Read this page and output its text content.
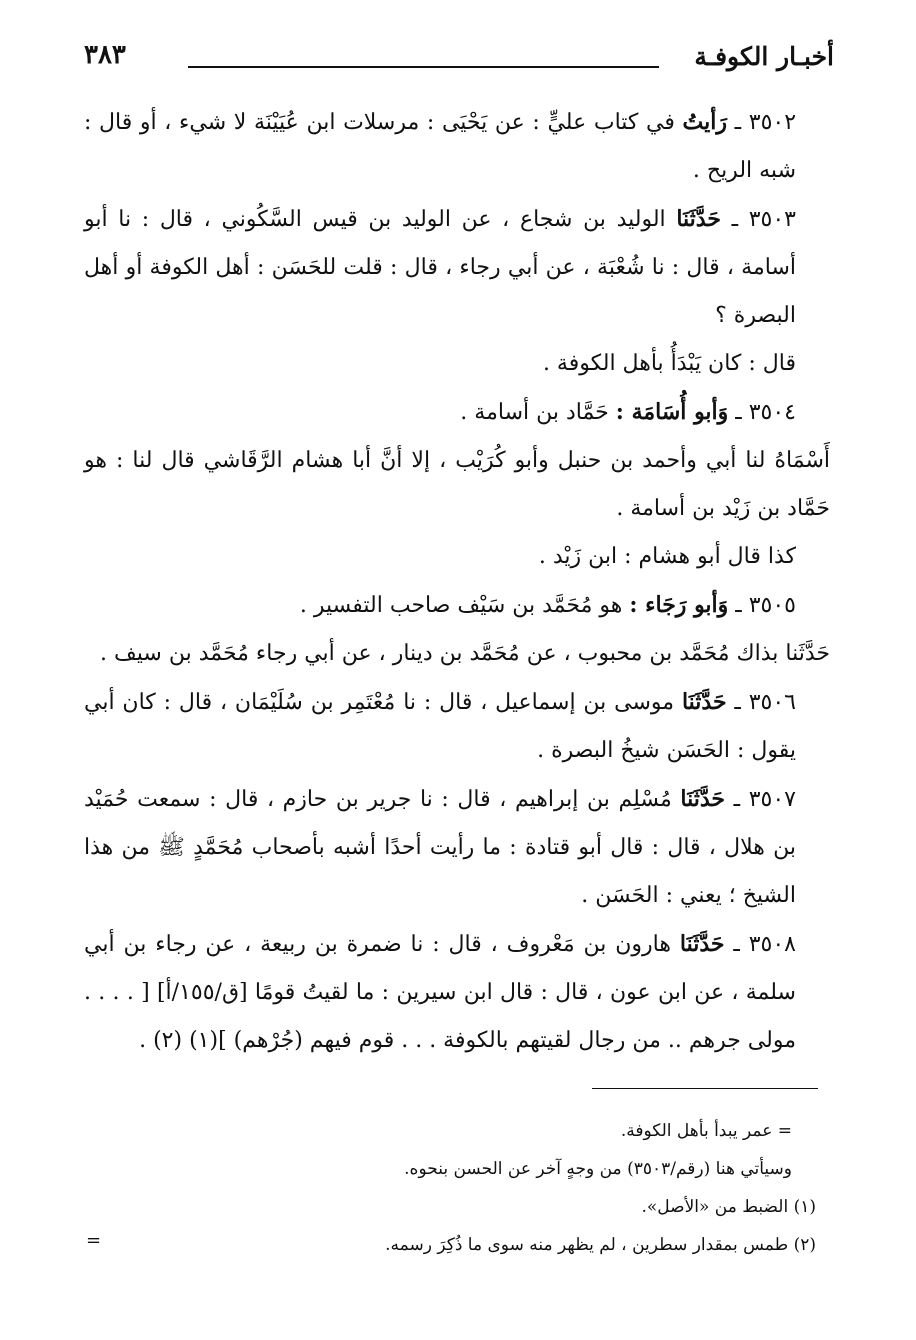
٣٨٣	أخبـار الكوفـة

٣٥٠٢ ـ رَأيتُ في كتاب عليٍّ : عن يَحْيَى : مرسلات ابن عُيَيْنَة لا شيء ، أو قال : شبه الريح .

٣٥٠٣ ـ حَدَّثَنَا الوليد بن شجاع ، عن الوليد بن قيس السَّكُوني ، قال : نا أبو أسامة ، قال : نا شُعْبَة ، عن أبي رجاء ، قال : قلت للحَسَن : أهل الكوفة أو أهل البصرة ؟

قال : كان يَبْدَأُ بأهل الكوفة .

٣٥٠٤ ـ وَأبو أُسَامَة : حَمَّاد بن أسامة .

أَسْمَاهُ لنا أبي وأحمد بن حنبل وأبو كُرَيْب ، إلا أنَّ أبا هشام الرَّقَاشي قال لنا : هو حَمَّاد بن زَيْد بن أسامة .

كذا قال أبو هشام : ابن زَيْد .

٣٥٠٥ ـ وَأبو رَجَاء : هو مُحَمَّد بن سَيْف صاحب التفسير .

حَدَّثَنا بذاك مُحَمَّد بن محبوب ، عن مُحَمَّد بن دينار ، عن أبي رجاء مُحَمَّد بن سيف .

٣٥٠٦ ـ حَدَّثَنَا موسى بن إسماعيل ، قال : نا مُعْتَمِر بن سُلَيْمَان ، قال : كان أبي يقول : الحَسَن شيخُ البصرة .

٣٥٠٧ ـ حَدَّثَنَا مُسْلِم بن إبراهيم ، قال : نا جرير بن حازم ، قال : سمعت حُمَيْد بن هلال ، قال : قال أبو قتادة : ما رأيت أحدًا أشبه بأصحاب مُحَمَّدٍ ﷺ من هذا الشيخ ؛ يعني : الحَسَن .

٣٥٠٨ ـ حَدَّثَنَا هارون بن مَعْروف ، قال : نا ضمرة بن ربيعة ، عن رجاء بن أبي سلمة ، عن ابن عون ، قال : قال ابن سيرين : ما لقيتُ قومًا [ق/١٥٥/أ] [ . . . . مولى جرهم .. من رجال لقيتهم بالكوفة . . . قوم فيهم (جُرْهم) ](١) (٢) .

= عمر يبدأ بأهل الكوفة.
وسيأتي هنا (رقم/٣٥٠٣) من وجهٍ آخر عن الحسن بنحوه.
(١) الضبط من «الأصل».
(٢) طمس بمقدار سطرين ، لم يظهر منه سوى ما ذُكِرَ رسمه.
=
